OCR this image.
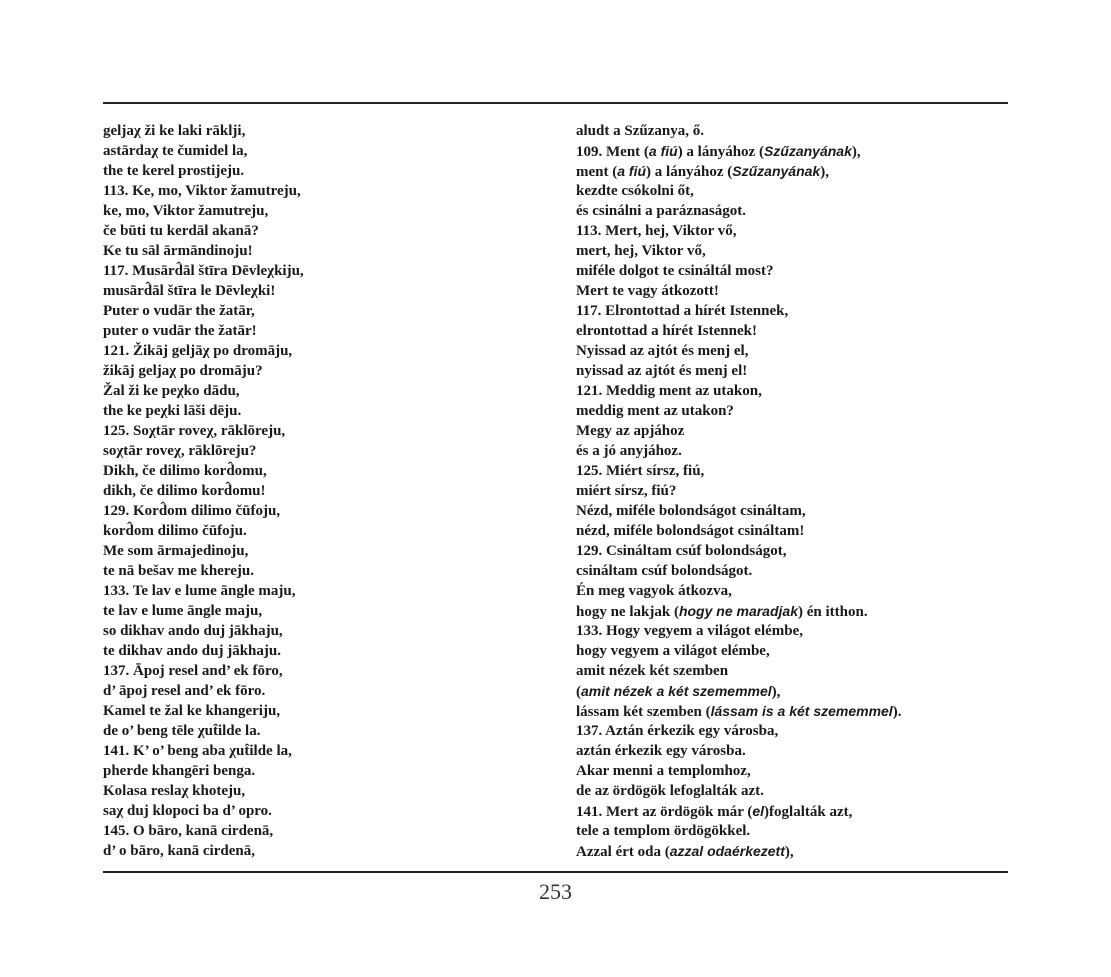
geljaχ ži ke laki rāklji,
astārdaχ te čumidel la,
the te kerel prostijeju.
113. Ke, mo, Viktor žamutreju,
ke, mo, Viktor žamutreju,
če būti tu kerdāl akanā?
Ke tu sāl ārmāndinoju!
117. Musārd̂āl štīra Dēvleχkiju,
musārd̂āl štīra le Dēvleχki!
Puter o vudār the žatār,
puter o vudār the žatār!
121. Žikāj geljāχ po dromāju,
žikāj geljaχ po dromāju?
Žal ži ke peχko dādu,
the ke peχki lāši dēju.
125. Soχtār roveχ, rāklōreju,
soχtār roveχ, rāklōreju?
Dikh, če dilimo kord̂omu,
dikh, če dilimo kord̂omu!
129. Kord̂om dilimo čūfoju,
kord̂om dilimo čūfoju.
Me som ārmajedinoju,
te nā bešav me khereju.
133. Te lav e lume āngle maju,
te lav e lume āngle maju,
so dikhav ando duj jākhaju,
te dikhav ando duj jākhaju.
137. Āpoj resel and’ ek fōro,
d’ āpoj resel and’ ek fōro.
Kamel te žal ke khangeriju,
de o’ beng tēle χut̂ilde la.
141. K’ o’ beng aba χut̂ilde la,
pherde khangēri benga.
Kolasa reslaχ khoteju,
saχ duj klopoci ba d’ opro.
145. O bāro, kanā cirdenā,
d’ o bāro, kanā cirdenā,
aludt a Szűzanya, ő.
109. Ment (a fiú) a lányához (Szűzanyának),
ment (a fiú) a lányához (Szűzanyának),
kezdte csókolni őt,
és csinálni a paráznaságot.
113. Mert, hej, Viktor vő,
mert, hej, Viktor vő,
miféle dolgot te csináltál most?
Mert te vagy átkozott!
117. Elrontottad a hírét Istennek,
elrontottad a hírét Istennek!
Nyissad az ajtót és menj el,
nyissad az ajtót és menj el!
121. Meddig ment az utakon,
meddig ment az utakon?
Megy az apjához
és a jó anyjához.
125. Miért sírsz, fiú,
miért sírsz, fiú?
Nézd, miféle bolondságot csináltam,
nézd, miféle bolondságot csináltam!
129. Csináltam csúf bolondságot,
csináltam csúf bolondságot.
Én meg vagyok átkozva,
hogy ne lakjak (hogy ne maradjak) én itthon.
133. Hogy vegyem a világot elémbe,
hogy vegyem a világot elémbe,
amit nézek két szemben
(amit nézek a két szememmel),
lássam két szemben (lássam is a két szememmel).
137. Aztán érkezik egy városba,
aztán érkezik egy városba.
Akar menni a templomhoz,
de az ördögök lefoglalták azt.
141. Mert az ördögök már (el)foglalták azt,
tele a templom ördögökkel.
Azzal ért oda (azzal odaérkezett),
253
